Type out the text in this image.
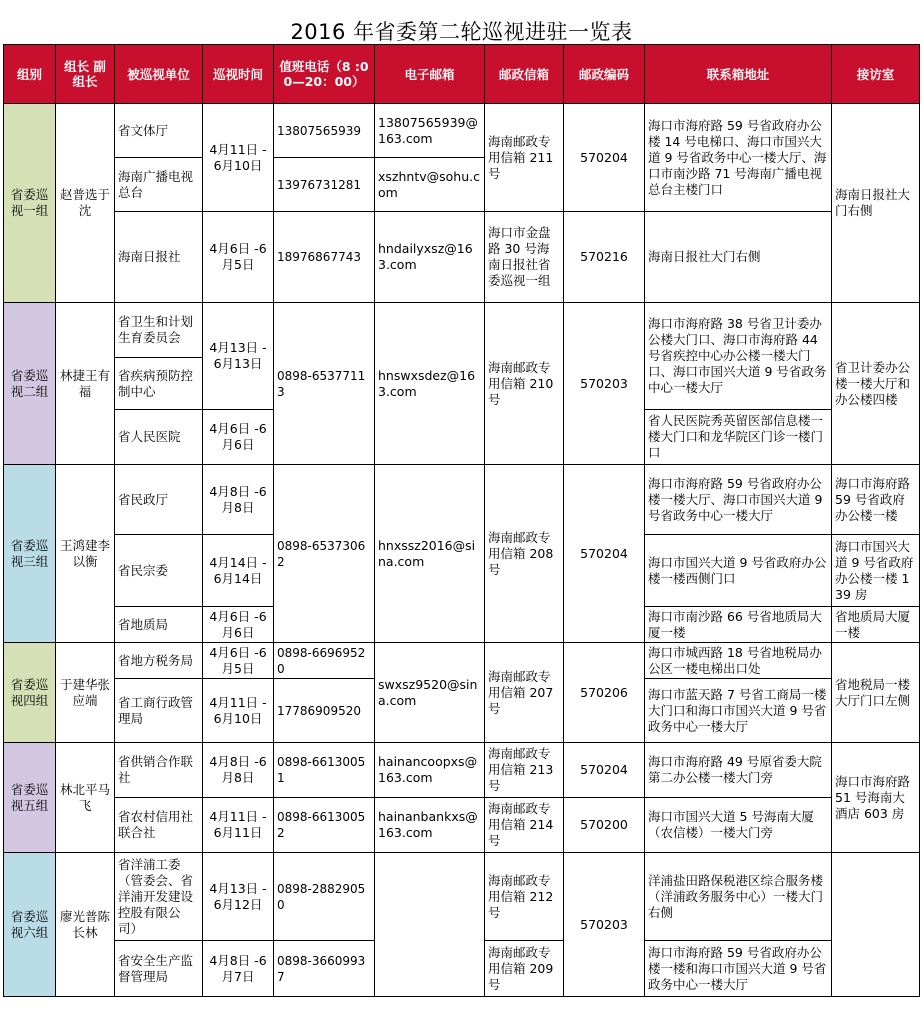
2016 年省委第二轮巡视进驻一览表
组别	组长 副组长	被巡视单位	巡视时间	值班电话（8 :00—20：00）	电子邮箱	邮政信箱	邮政编码	联系箱地址	接访室
省委巡视一组	赵普选于沈	省文体厅	4月11日 -6月10日	13807565939	13807565939@163.com	海南邮政专用信箱 211 号	570204	海口市海府路 59 号省政府办公楼 14 号电梯口、海口市国兴大道 9 号省政务中心一楼大厅、海口市南沙路 71 号海南广播电视总台主楼门口	海南日报社大门右侧
		海南广播电视总台		13976731281	xszhntv@sohu.com				
		海南日报社	4月6日 -6月5日	18976867743	hndailyxsz@163.com	海口市金盘路 30 号海南日报社省委巡视一组	570216	海南日报社大门右侧	
省委巡视二组	林捷王有福	省卫生和计划生育委员会	4月13日 -6月13日	0898-65377113	hnswxsdez@163.com	海南邮政专用信箱 210 号	570203	海口市海府路 38 号省卫计委办公楼大门口、海口市海府路 44 号省疾控中心办公楼一楼大门口、海口市国兴大道 9 号省政务中心一楼大厅	省卫计委办公楼一楼大厅和办公楼四楼
		省疾病预防控制中心							
		省人民医院	4月6日 -6月6日					省人民医院秀英留医部信息楼一楼大门口和龙华院区门诊一楼门口	
省委巡视三组	王鸿建李以衡	省民政厅	4月8日 -6月8日	0898-65373062	hnxssz2016@sina.com	海南邮政专用信箱 208 号	570204	海口市海府路 59 号省政府办公楼一楼大厅、海口市国兴大道 9 号省政务中心一楼大厅	海口市海府路 59 号省政府办公楼一楼
		省民宗委	4月14日 -6月14日					海口市国兴大道 9 号省政府办公楼一楼西侧门口	海口市国兴大道 9 号省政府办公楼一楼 139 房
		省地质局	4月6日 -6月6日					海口市南沙路 66 号省地质局大厦一楼	省地质局大厦一楼
省委巡视四组	于建华张应端	省地方税务局	4月6日 -6月5日	0898-66969520	swxsz9520@sina.com	海南邮政专用信箱 207 号	570206	海口市城西路 18 号省地税局办公区一楼电梯出口处	省地税局一楼大厅门口左侧
		省工商行政管理局	4月11日 -6月10日	17786909520				海口市蓝天路 7 号省工商局一楼大门口和海口市国兴大道 9 号省政务中心一楼大厅	
省委巡视五组	林北平马飞	省供销合作联社	4月8日 -6月8日	0898-66130051	hainancoopxs@163.com	海南邮政专用信箱 213 号	570204	海口市海府路 49 号原省委大院第二办公楼一楼大门旁	海口市海府路 51 号海南大酒店 603 房
		省农村信用社联合社	4月11日 -6月11日	0898-66130052	hainanbankxs@163.com	海南邮政专用信箱 214 号	570200	海口市国兴大道 5 号海南大厦（农信楼）一楼大门旁	
省委巡视六组	廖光普陈长林	省洋浦工委（管委会、省洋浦开发建设控股有限公司）	4月13日 -6月12日	0898-28829050		海南邮政专用信箱 212 号	570203	洋浦盐田路保税港区综合服务楼（洋浦政务服务中心）一楼大门右侧	
		省安全生产监督管理局	4月8日 -6月7日	0898-36609937		海南邮政专用信箱 209 号		海口市海府路 59 号省政府办公楼一楼和海口市国兴大道 9 号省政务中心一楼大厅	
